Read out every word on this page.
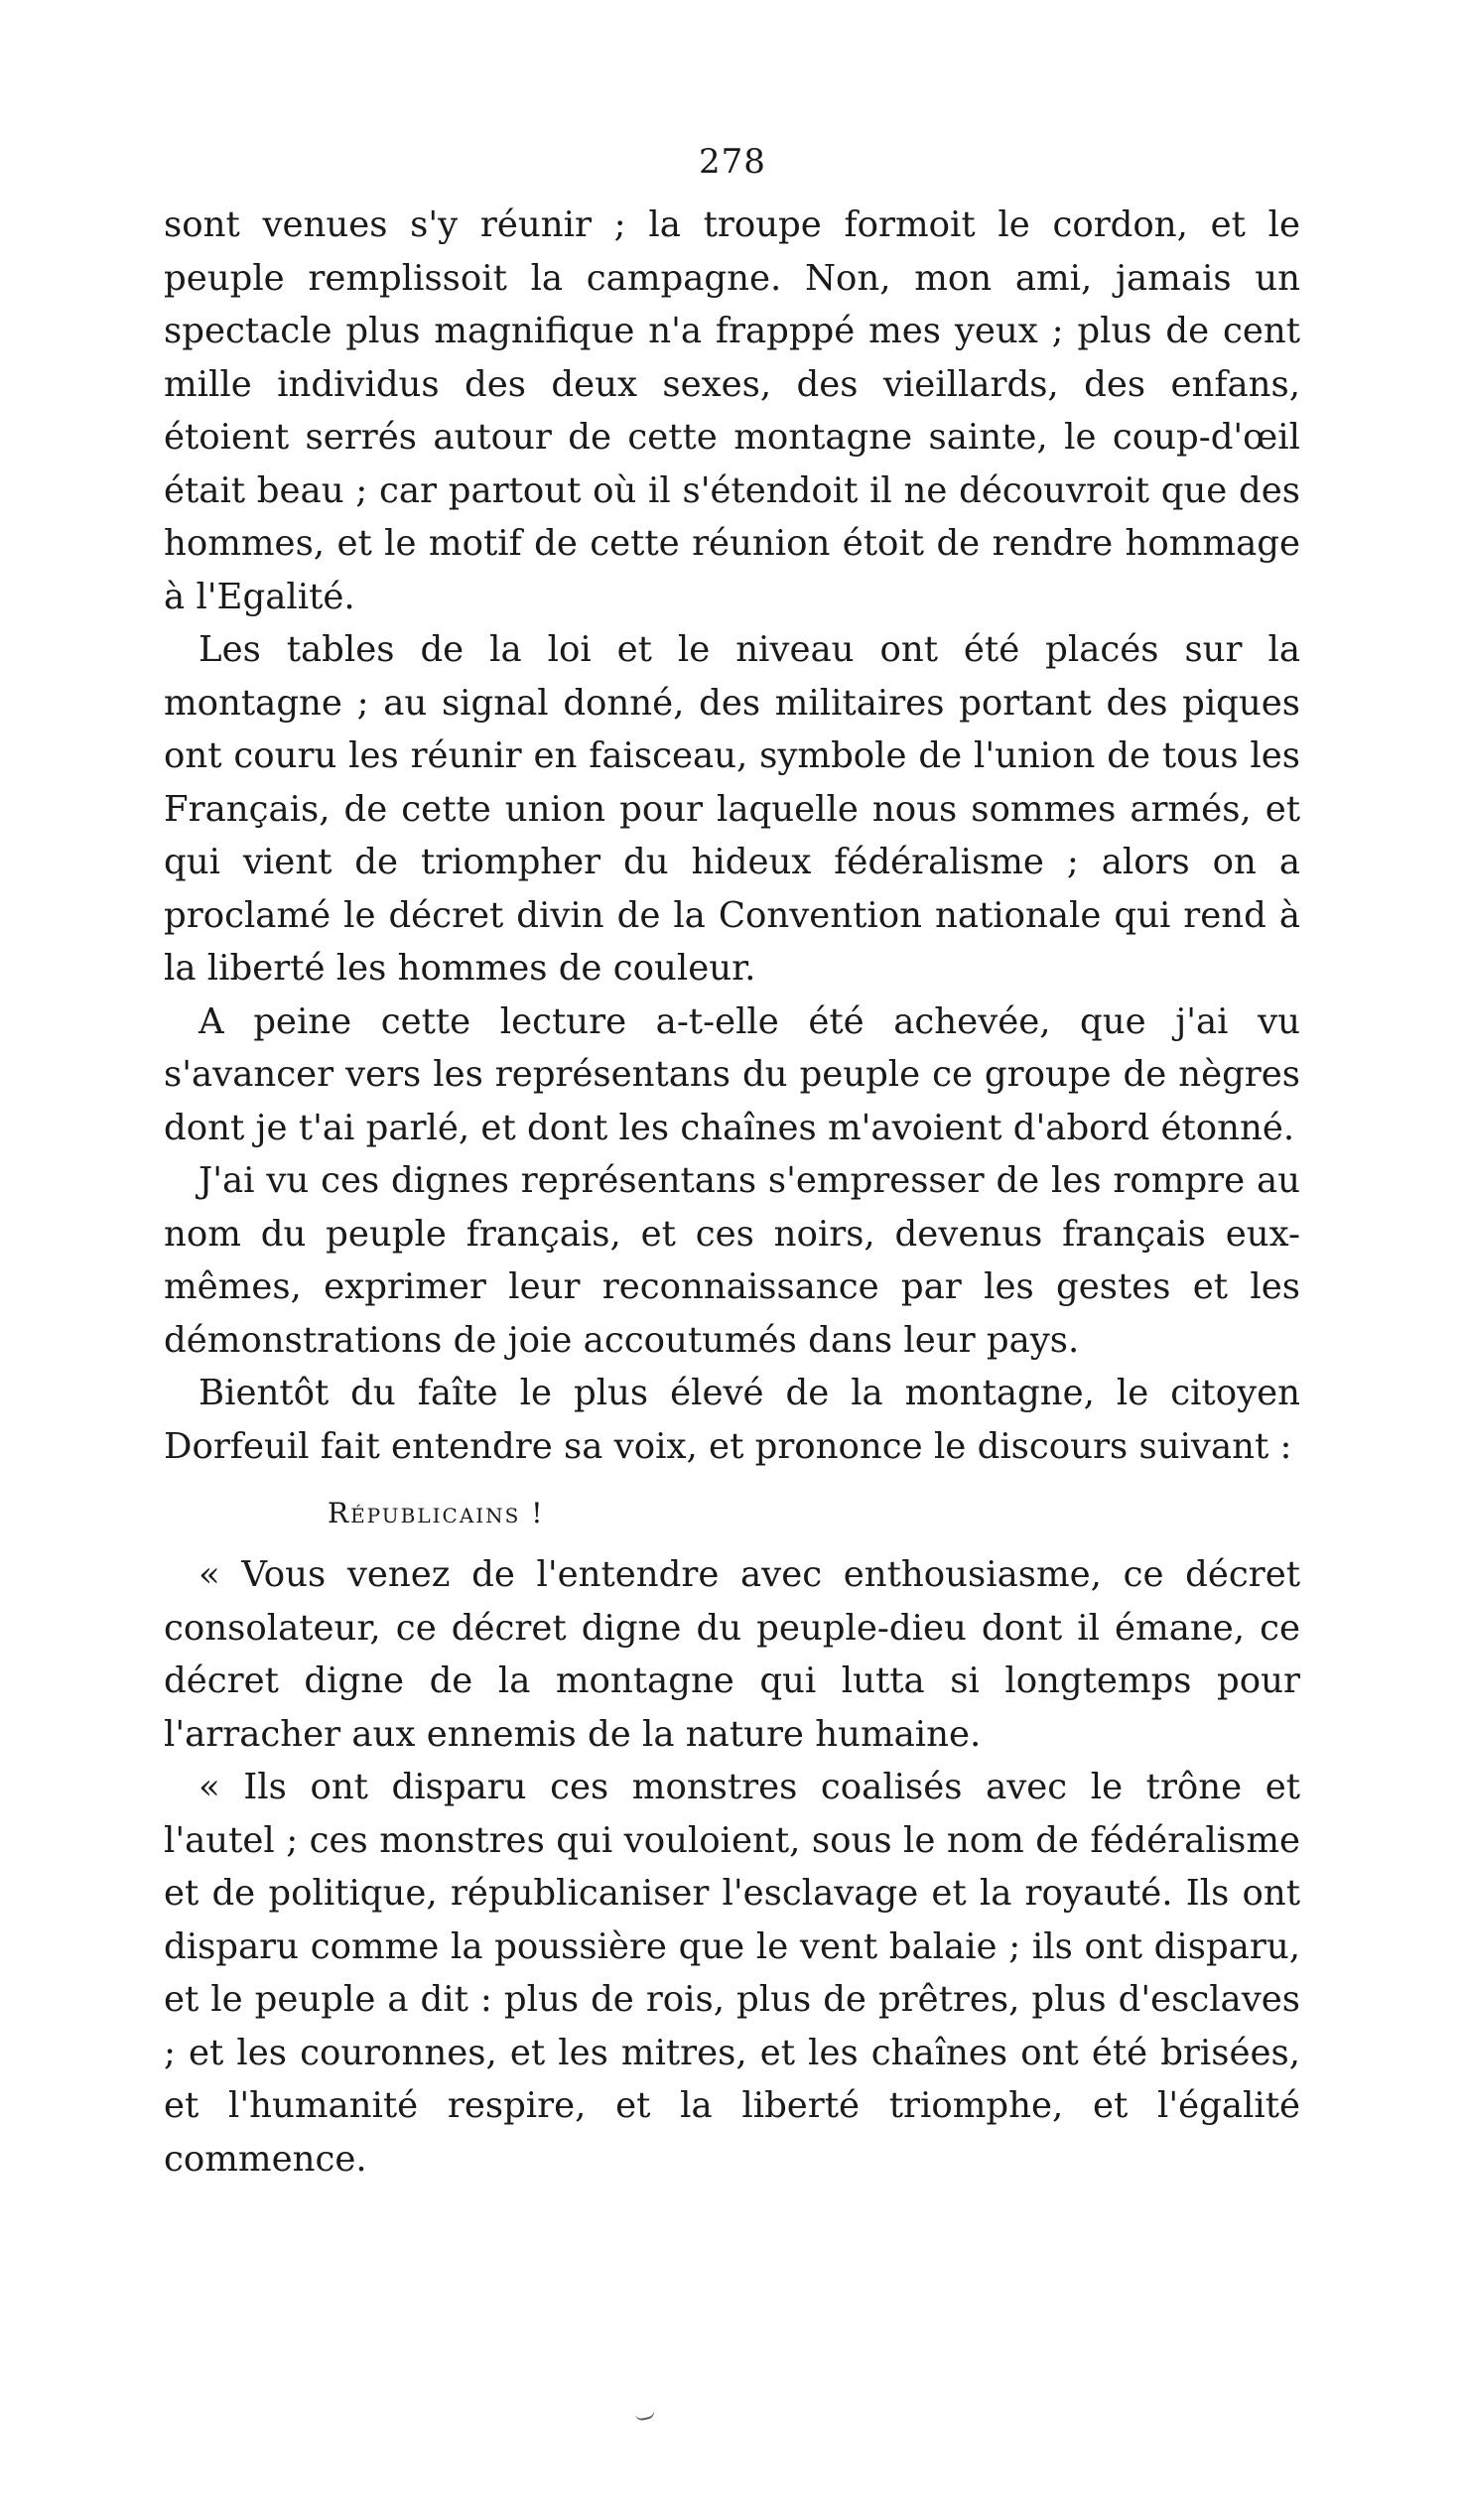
278

sont venues s'y réunir ; la troupe formoit le cordon, et le peuple remplissoit la campagne. Non, mon ami, jamais un spectacle plus magnifique n'a frapppé mes yeux ; plus de cent mille individus des deux sexes, des vieillards, des enfans, étoient serrés autour de cette montagne sainte, le coup-d'œil était beau ; car partout où il s'étendoit il ne découvroit que des hommes, et le motif de cette réunion étoit de rendre hommage à l'Egalité.

Les tables de la loi et le niveau ont été placés sur la montagne ; au signal donné, des militaires portant des piques ont couru les réunir en faisceau, symbole de l'union de tous les Français, de cette union pour laquelle nous sommes armés, et qui vient de triompher du hideux fédéralisme ; alors on a proclamé le décret divin de la Convention nationale qui rend à la liberté les hommes de couleur.

A peine cette lecture a-t-elle été achevée, que j'ai vu s'avancer vers les représentans du peuple ce groupe de nègres dont je t'ai parlé, et dont les chaînes m'avoient d'abord étonné.

J'ai vu ces dignes représentans s'empresser de les rompre au nom du peuple français, et ces noirs, devenus français eux-mêmes, exprimer leur reconnaissance par les gestes et les démonstrations de joie accoutumés dans leur pays.

Bientôt du faîte le plus élevé de la montagne, le citoyen Dorfeuil fait entendre sa voix, et prononce le discours suivant :

Républicains !

« Vous venez de l'entendre avec enthousiasme, ce décret consolateur, ce décret digne du peuple-dieu dont il émane, ce décret digne de la montagne qui lutta si longtemps pour l'arracher aux ennemis de la nature humaine.

« Ils ont disparu ces monstres coalisés avec le trône et l'autel ; ces monstres qui vouloient, sous le nom de fédéralisme et de politique, républicaniser l'esclavage et la royauté. Ils ont disparu comme la poussière que le vent balaie ; ils ont disparu, et le peuple a dit : plus de rois, plus de prêtres, plus d'esclaves ; et les couronnes, et les mitres, et les chaînes ont été brisées, et l'humanité respire, et la liberté triomphe, et l'égalité commence.
